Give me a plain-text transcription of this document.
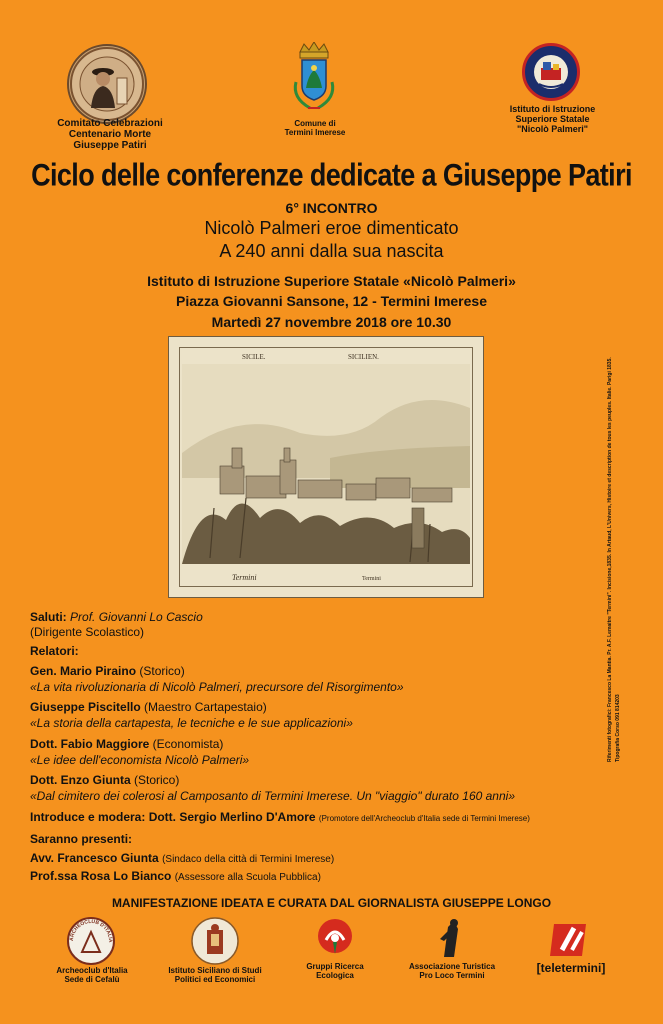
Comitato Celebrazioni
Centenario Morte
Giuseppe Patiri
Comune di
Termini Imerese
Istituto di Istruzione
Superiore Statale
"Nicolò Palmeri"
Ciclo delle conferenze dedicate a Giuseppe Patiri
6° INCONTRO
Nicolò Palmeri eroe dimenticato
A 240 anni dalla sua nascita
Istituto di Istruzione Superiore Statale «Nicolò Palmeri»
Piazza Giovanni Sansone, 12 - Termini Imerese
Martedì 27 novembre 2018 ore 10.30
SICILE.	SICILIEN.
Termini	Termini	Riferimenti fotografici: Francesco La Mantia. Pr. A.F. Lemaitre "Termini". Incisione,1835. In Artaud, L'Univers, Histoire et description de tous les peuples. Italie. Parigi 1835. Tipografia Corso 091 814203
Saluti: Prof. Giovanni Lo Cascio
(Dirigente Scolastico)
Relatori:
Gen. Mario Piraino (Storico)
«La vita rivoluzionaria di Nicolò Palmeri, precursore del Risorgimento»
Giuseppe Piscitello (Maestro Cartapestaio)
«La storia della cartapesta, le tecniche e le sue applicazioni»
Dott. Fabio Maggiore (Economista)
«Le idee dell'economista Nicolò Palmeri»
Dott. Enzo Giunta (Storico)
«Dal cimitero dei colerosi al Camposanto di Termini Imerese. Un "viaggio" durato 160 anni»
Introduce e modera: Dott. Sergio Merlino D'Amore (Promotore dell'Archeoclub d'Italia sede di Termini Imerese)
Saranno presenti:
Avv. Francesco Giunta (Sindaco della città di Termini Imerese)
Prof.ssa Rosa Lo Bianco (Assessore alla Scuola Pubblica)
MANIFESTAZIONE IDEATA E CURATA DAL GIORNALISTA GIUSEPPE LONGO
ARCHEOCLUB D'ITALIA
Archeoclub d'Italia
Sede di Cefalù
Istituto Siciliano di Studi
Politici ed Economici
Gruppi Ricerca
Ecologica
Associazione Turistica
Pro Loco Termini
[teletermini]
